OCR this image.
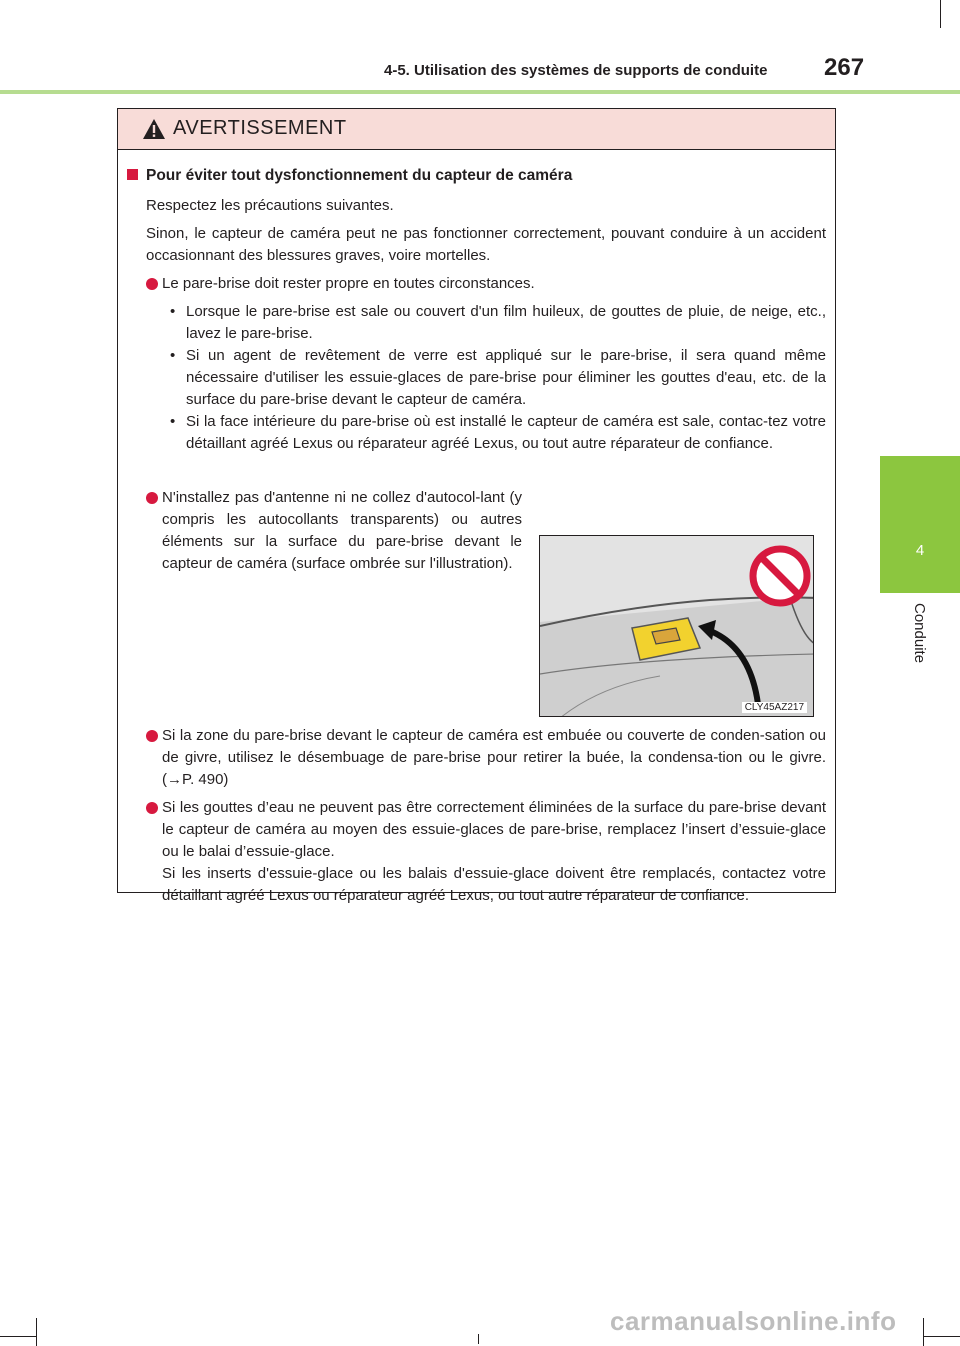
4-5. Utilisation des systèmes de supports de conduite 267
4
Conduite
AVERTISSEMENT
Pour éviter tout dysfonctionnement du capteur de caméra
Respectez les précautions suivantes.
Sinon, le capteur de caméra peut ne pas fonctionner correctement, pouvant conduire à un accident occasionnant des blessures graves, voire mortelles.
Le pare-brise doit rester propre en toutes circonstances.
• Lorsque le pare-brise est sale ou couvert d'un film huileux, de gouttes de pluie, de neige, etc., lavez le pare-brise.
• Si un agent de revêtement de verre est appliqué sur le pare-brise, il sera quand même nécessaire d'utiliser les essuie-glaces de pare-brise pour éliminer les gouttes d'eau, etc. de la surface du pare-brise devant le capteur de caméra.
• Si la face intérieure du pare-brise où est installé le capteur de caméra est sale, contac-tez votre détaillant agréé Lexus ou réparateur agréé Lexus, ou tout autre réparateur de confiance.
N'installez pas d'antenne ni ne collez d'autocol-lant (y compris les autocollants transparents) ou autres éléments sur la surface du pare-brise devant le capteur de caméra (surface ombrée sur l'illustration).
CLY45AZ217
Si la zone du pare-brise devant le capteur de caméra est embuée ou couverte de conden-sation ou de givre, utilisez le désembuage de pare-brise pour retirer la buée, la condensa-tion ou le givre. (→P. 490)
Si les gouttes d’eau ne peuvent pas être correctement éliminées de la surface du pare-brise devant le capteur de caméra au moyen des essuie-glaces de pare-brise, remplacez l’insert d’essuie-glace ou le balai d’essuie-glace.
Si les inserts d'essuie-glace ou les balais d'essuie-glace doivent être remplacés, contactez votre détaillant agréé Lexus ou réparateur agréé Lexus, ou tout autre réparateur de confiance.
carmanualsonline.info
